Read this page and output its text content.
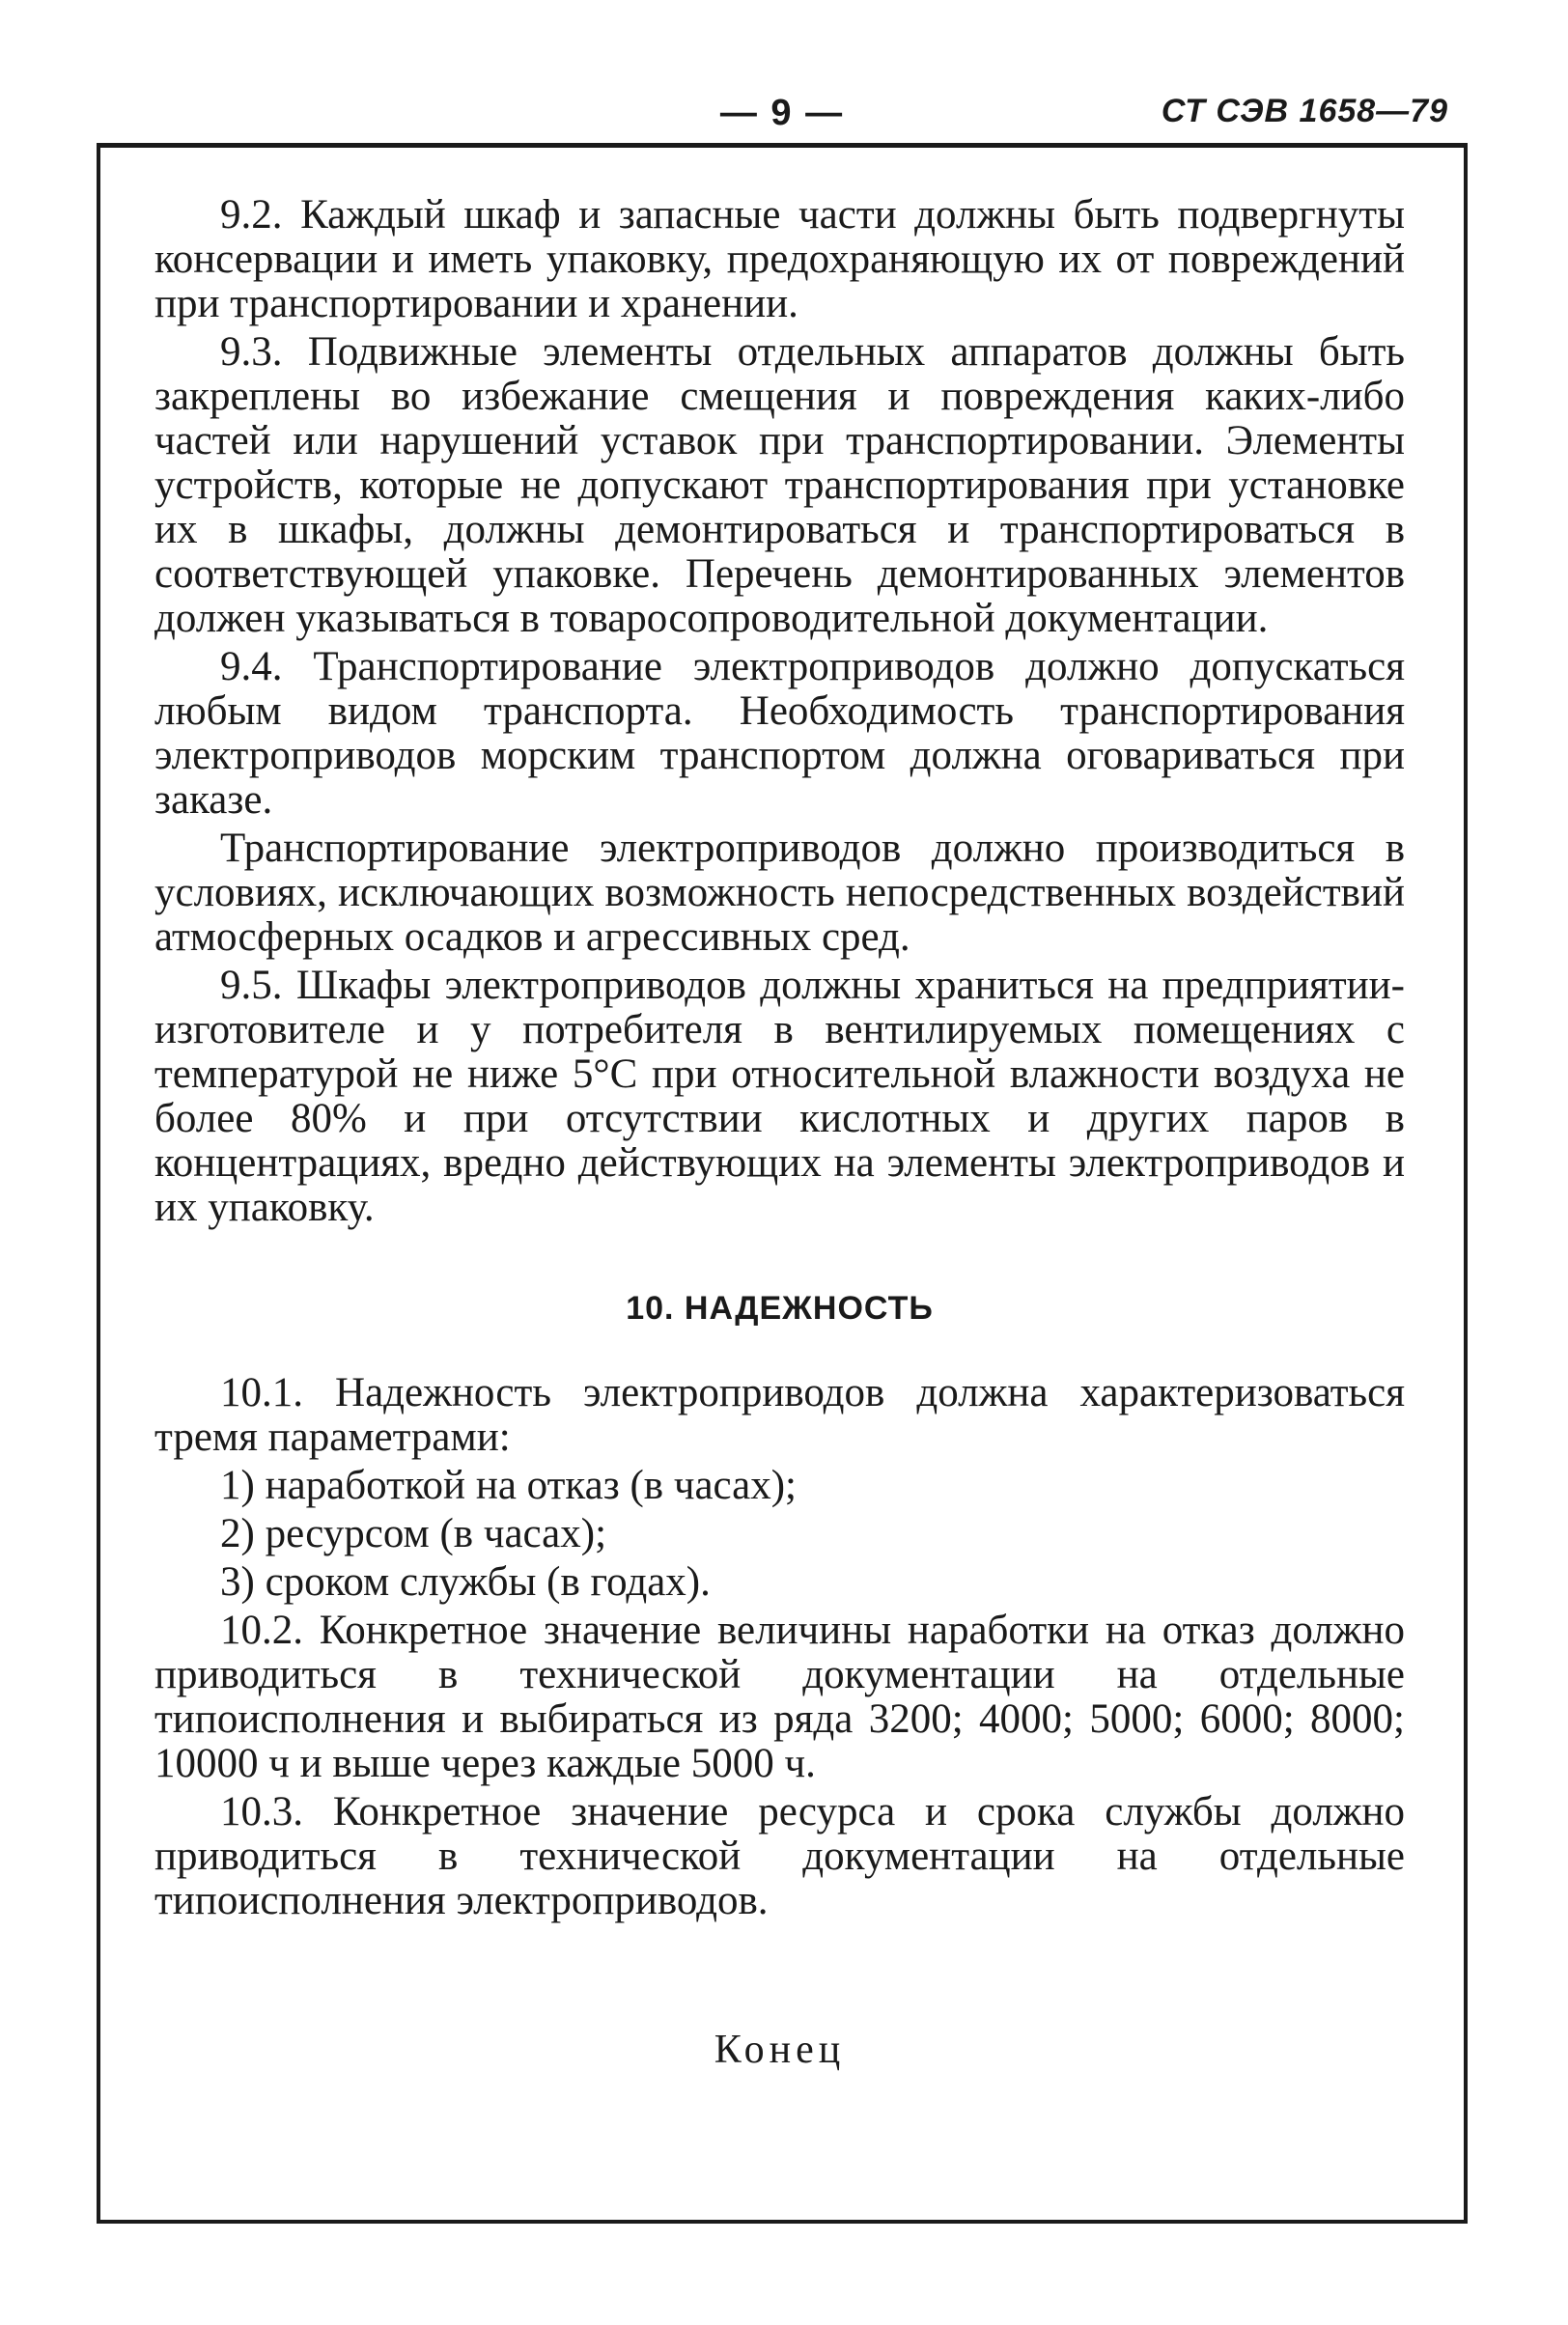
— 9 —	СТ СЭВ 1658—79

9.2. Каждый шкаф и запасные части должны быть подвергнуты консервации и иметь упаковку, предохраняющую их от повреждений при транспортировании и хранении.

9.3. Подвижные элементы отдельных аппаратов должны быть закреплены во избежание смещения и повреждения каких-либо частей или нарушений уставок при транспортировании. Элементы устройств, которые не допускают транспортирования при установке их в шкафы, должны демонтироваться и транспортироваться в соответствующей упаковке. Перечень демонтированных элементов должен указываться в товаросопроводительной документации.

9.4. Транспортирование электроприводов должно допускаться любым видом транспорта. Необходимость транспортирования электроприводов морским транспортом должна оговариваться при заказе.

Транспортирование электроприводов должно производиться в условиях, исключающих возможность непосредственных воздействий атмосферных осадков и агрессивных сред.

9.5. Шкафы электроприводов должны храниться на предприятии-изготовителе и у потребителя в вентилируемых помещениях с температурой не ниже 5°С при относительной влажности воздуха не более 80% и при отсутствии кислотных и других паров в концентрациях, вредно действующих на элементы электроприводов и их упаковку.

10. НАДЕЖНОСТЬ

10.1. Надежность электроприводов должна характеризоваться тремя параметрами:

1) наработкой на отказ (в часах);

2) ресурсом (в часах);

3) сроком службы (в годах).

10.2. Конкретное значение величины наработки на отказ должно приводиться в технической документации на отдельные типоисполнения и выбираться из ряда 3200; 4000; 5000; 6000; 8000; 10000 ч и выше через каждые 5000 ч.

10.3. Конкретное значение ресурса и срока службы должно приводиться в технической документации на отдельные типоисполнения электроприводов.

Конец
